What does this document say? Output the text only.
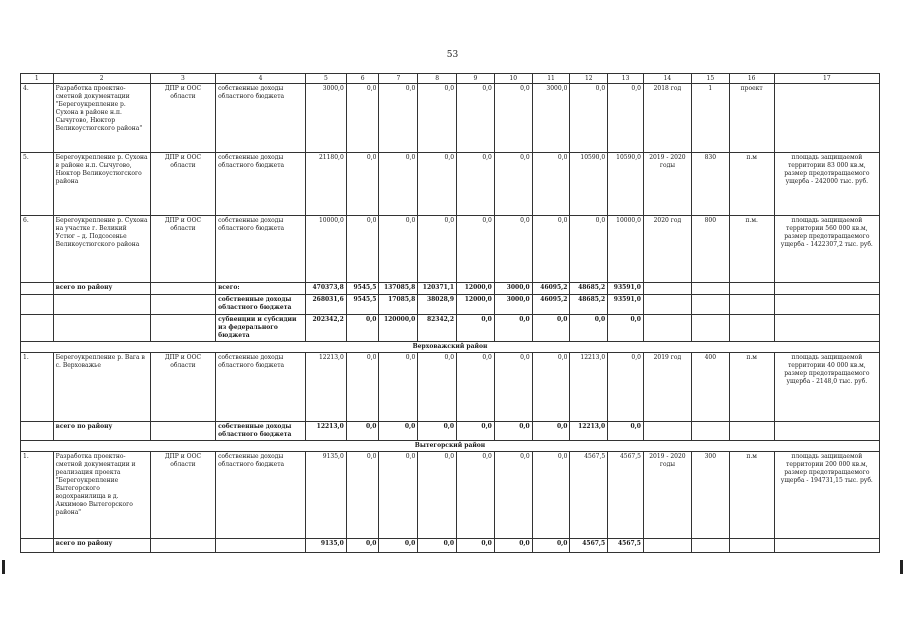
53
1	2	3	4	5	6	7	8	9	10	11	12	13	14	15	16	17
4.	Разработка проектно-сметной документации "Берегоукрепление р. Сухона в районе н.п. Сычугово, Нюктор Великоустюгского района"	ДПР и ООС области	собственные доходы областного бюджета	3000,0	0,0	0,0	0,0	0,0	0,0	3000,0	0,0	0,0	2018 год	1	проект	
5.	Берегоукрепление р. Сухона в районе н.п. Сычугово, Нюктор Великоустюгского района	ДПР и ООС области	собственные доходы областного бюджета	21180,0	0,0	0,0	0,0	0,0	0,0	0,0	10590,0	10590,0	2019 - 2020 годы	830	п.м	площадь защищаемой территории 83 000 кв.м, размер предотвращаемого ущерба - 242000 тыс. руб.
6.	Берегоукрепление р. Сухона на участке г. Великий Устюг – д. Подсосенье Великоустюгского района	ДПР и ООС области	собственные доходы областного бюджета	10000,0	0,0	0,0	0,0	0,0	0,0	0,0	0,0	10000,0	2020 год	800	п.м.	площадь защищаемой территории 560 000 кв.м, размер предотвращаемого ущерба - 1422307,2 тыс. руб.
	всего по району		всего:	470373,8	9545,5	137085,8	120371,1	12000,0	3000,0	46095,2	48685,2	93591,0				
			собственные доходы областного бюджета	268031,6	9545,5	17085,8	38028,9	12000,0	3000,0	46095,2	48685,2	93591,0				
			субвенции и субсидии из федерального бюджета	202342,2	0,0	120000,0	82342,2	0,0	0,0	0,0	0,0	0,0				
Верховажский район																
1.	Берегоукрепление р. Вага в с. Верховажье	ДПР и ООС области	собственные доходы областного бюджета	12213,0	0,0	0,0	0,0	0,0	0,0	0,0	12213,0	0,0	2019 год	400	п.м	площадь защищаемой территории 40 000 кв.м, размер предотвращаемого ущерба - 2148,0 тыс. руб.
	всего по району		собственные доходы областного бюджета	12213,0	0,0	0,0	0,0	0,0	0,0	0,0	12213,0	0,0				
Вытегорский район																
1.	Разработка проектно-сметной документации и реализация проекта "Берегоукрепление Вытегорского водохранилища в д. Анхимово Вытегорского района"	ДПР и ООС области	собственные доходы областного бюджета	9135,0	0,0	0,0	0,0	0,0	0,0	0,0	4567,5	4567,5	2019 - 2020 годы	300	п.м	площадь защищаемой территории 200 000 кв.м, размер предотвращаемого ущерба - 194731,15 тыс. руб.
	всего по району			9135,0	0,0	0,0	0,0	0,0	0,0	0,0	4567,5	4567,5				
